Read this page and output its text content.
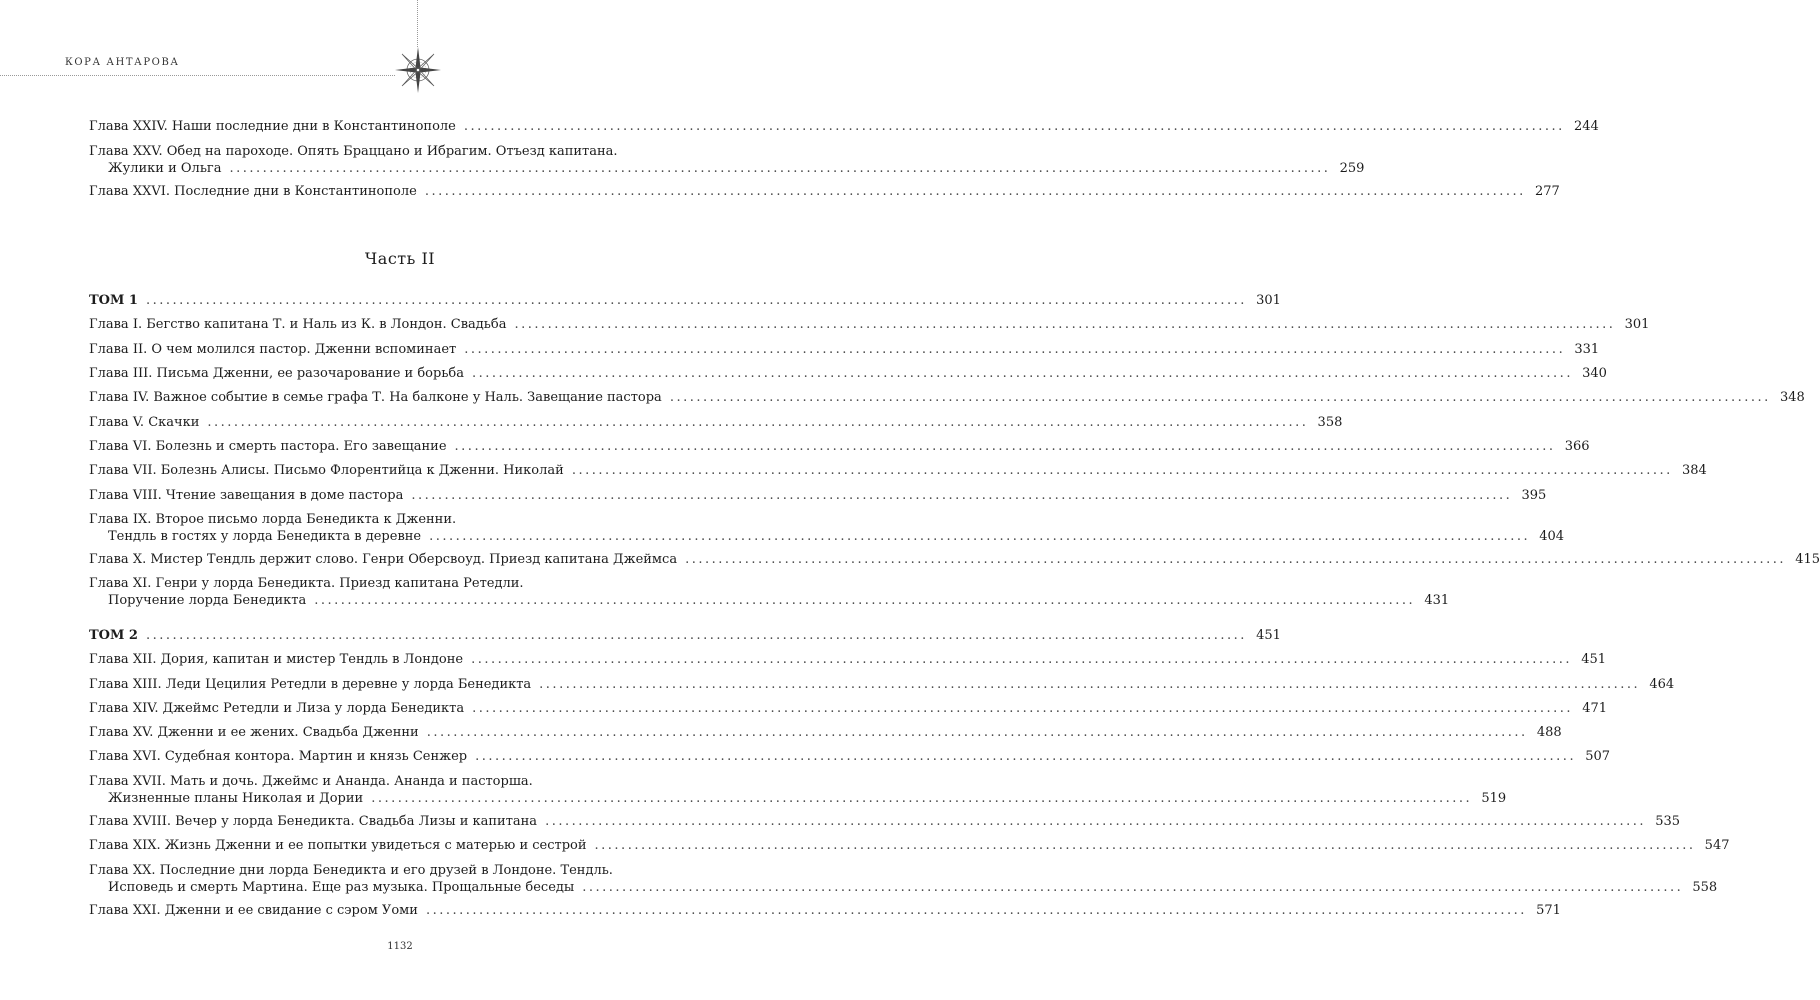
КОРА АНТАРОВА
Часть II
Глава XXIV. Наши последние дни в Константинополе ...................................................................................................................................................................... 244
Глава XXV. Обед на пароходе. Опять Браццано и Ибрагим. Отъезд капитана.
Жулики и Ольга ...................................................................................................................................................................... 259
Глава XXVI. Последние дни в Константинополе ...................................................................................................................................................................... 277
ТОМ 1 ...................................................................................................................................................................... 301
Глава I. Бегство капитана Т. и Наль из К. в Лондон. Свадьба ...................................................................................................................................................................... 301
Глава II. О чем молился пастор. Дженни вспоминает ...................................................................................................................................................................... 331
Глава III. Письма Дженни, ее разочарование и борьба ...................................................................................................................................................................... 340
Глава IV. Важное событие в семье графа Т. На балконе у Наль. Завещание пастора ...................................................................................................................................................................... 348
Глава V. Скачки ...................................................................................................................................................................... 358
Глава VI. Болезнь и смерть пастора. Его завещание ...................................................................................................................................................................... 366
Глава VII. Болезнь Алисы. Письмо Флорентийца к Дженни. Николай ...................................................................................................................................................................... 384
Глава VIII. Чтение завещания в доме пастора ...................................................................................................................................................................... 395
Глава IX. Второе письмо лорда Бенедикта к Дженни.
Тендль в гостях у лорда Бенедикта в деревне ...................................................................................................................................................................... 404
Глава X. Мистер Тендль держит слово. Генри Оберсвоуд. Приезд капитана Джеймса ...................................................................................................................................................................... 415
Глава XI. Генри у лорда Бенедикта. Приезд капитана Ретедли.
Поручение лорда Бенедикта ...................................................................................................................................................................... 431
ТОМ 2 ...................................................................................................................................................................... 451
Глава XII. Дория, капитан и мистер Тендль в Лондоне ...................................................................................................................................................................... 451
Глава XIII. Леди Цецилия Ретедли в деревне у лорда Бенедикта ...................................................................................................................................................................... 464
Глава XIV. Джеймс Ретедли и Лиза у лорда Бенедикта ...................................................................................................................................................................... 471
Глава XV. Дженни и ее жених. Свадьба Дженни ...................................................................................................................................................................... 488
Глава XVI. Судебная контора. Мартин и князь Сенжер ...................................................................................................................................................................... 507
Глава XVII. Мать и дочь. Джеймс и Ананда. Ананда и пасторша.
Жизненные планы Николая и Дории ...................................................................................................................................................................... 519
Глава XVIII. Вечер у лорда Бенедикта. Свадьба Лизы и капитана ...................................................................................................................................................................... 535
Глава XIX. Жизнь Дженни и ее попытки увидеться с матерью и сестрой ...................................................................................................................................................................... 547
Глава XX. Последние дни лорда Бенедикта и его друзей в Лондоне. Тендль.
Исповедь и смерть Мартина. Еще раз музыка. Прощальные беседы ...................................................................................................................................................................... 558
Глава XXI. Дженни и ее свидание с сэром Уоми ...................................................................................................................................................................... 571
1132
